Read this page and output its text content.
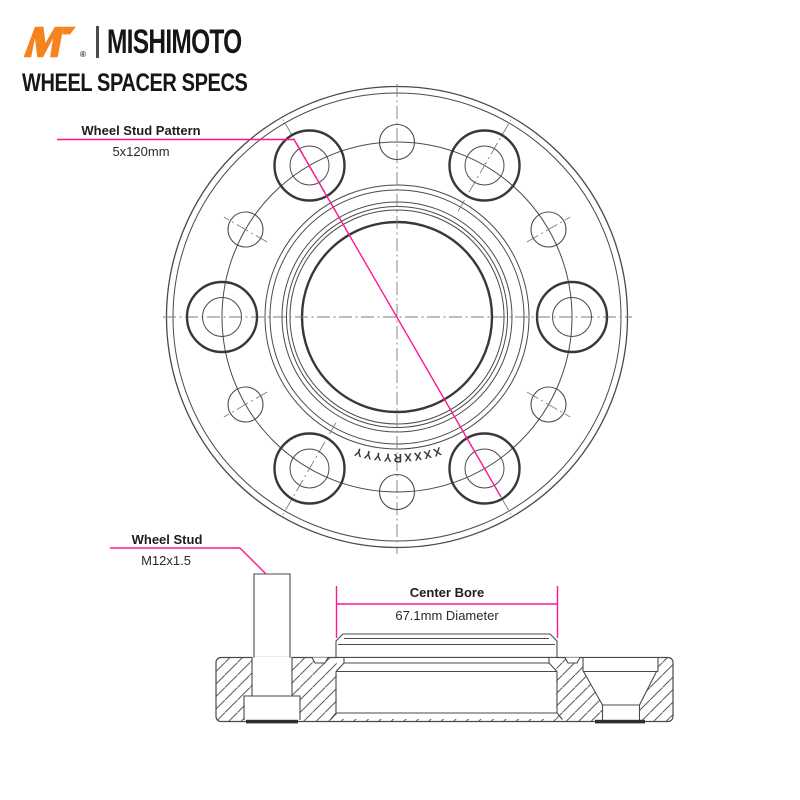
® MISHIMOTO
WHEEL SPACER SPECS
XXXXRYYYY
Wheel Stud Pattern
5x120mm
Wheel Stud
M12x1.5
Center Bore
67.1mm Diameter
